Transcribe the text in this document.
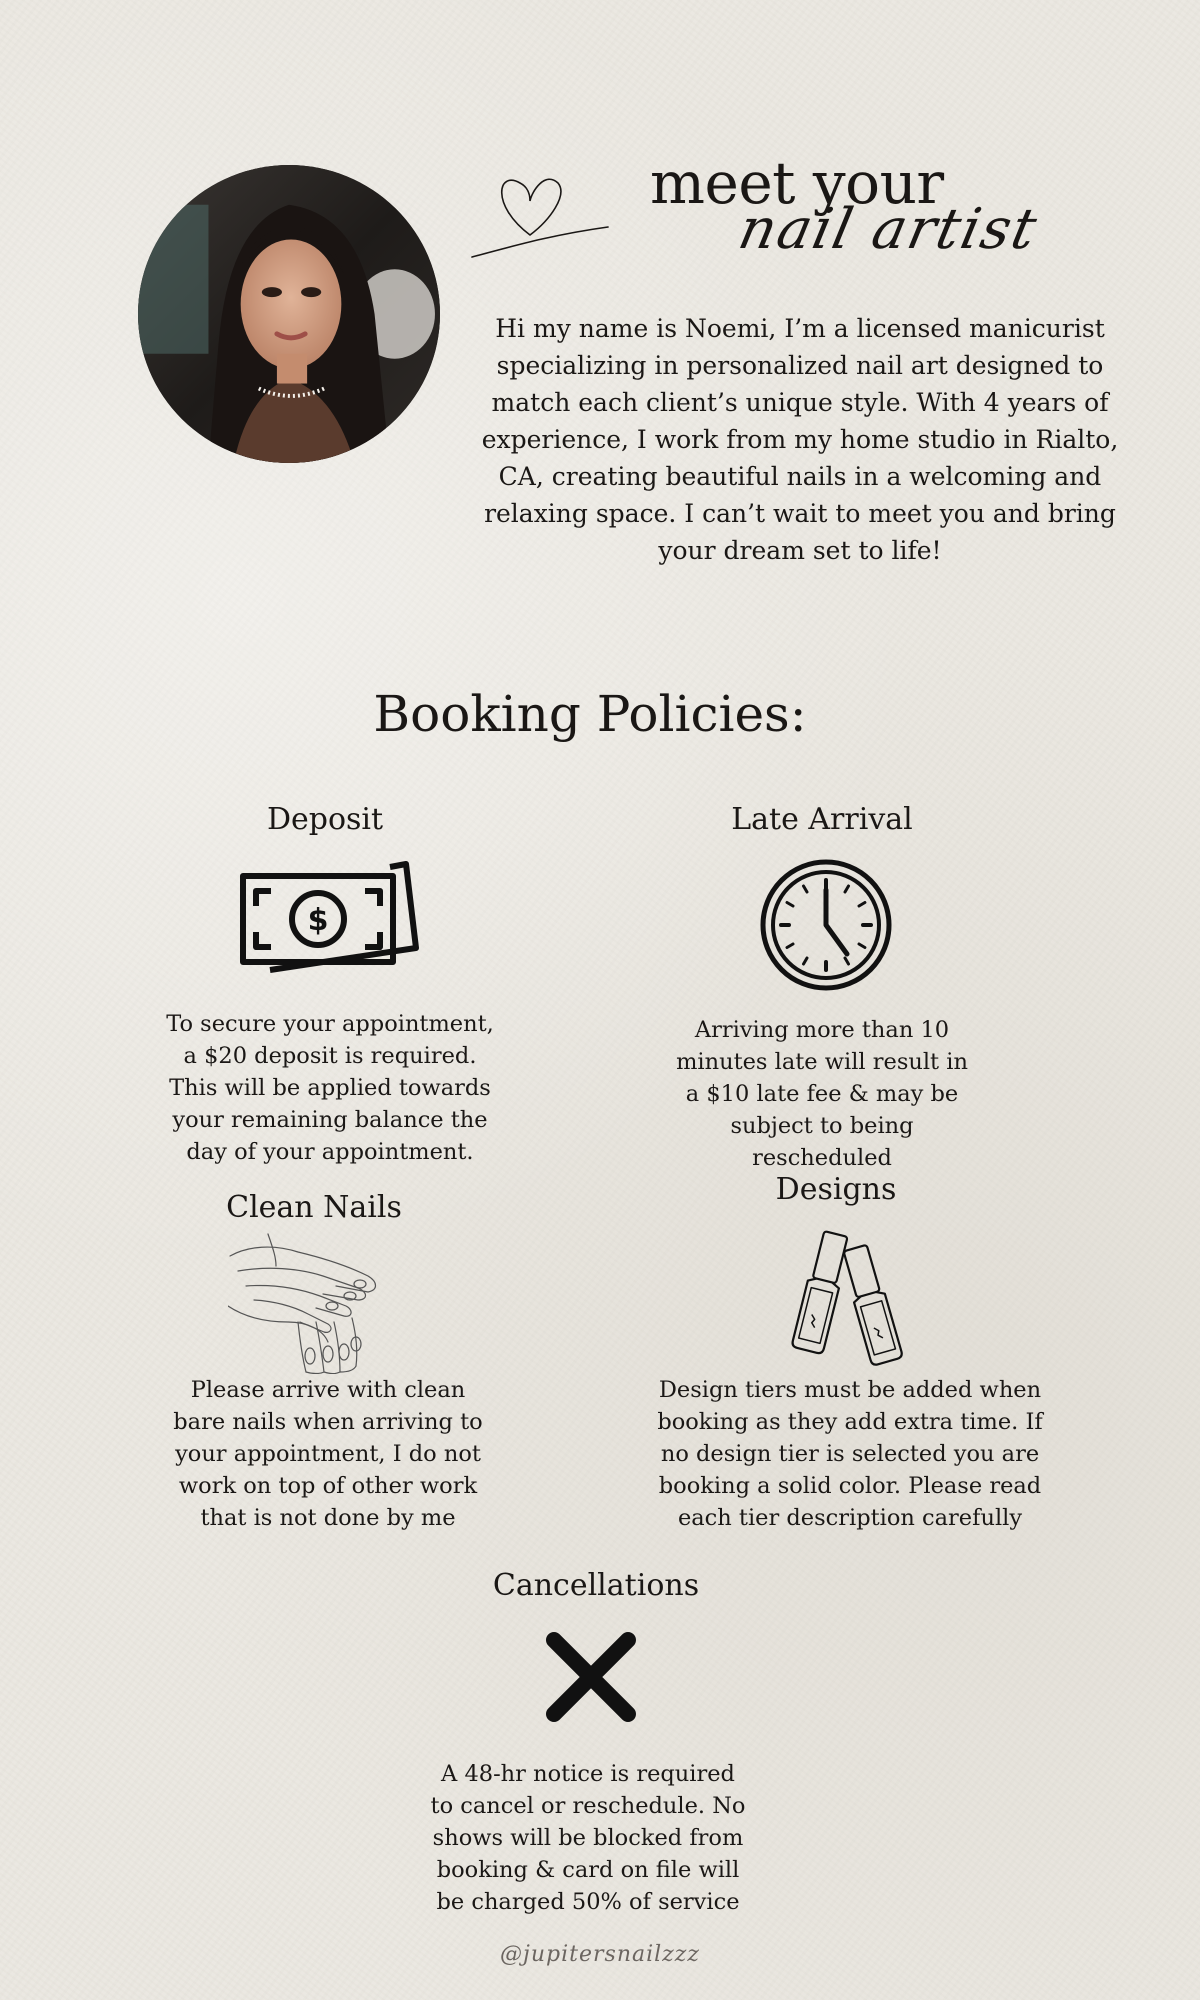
meet your
nail artist
Hi my name is Noemi, I’m a licensed manicurist specializing in personalized nail art designed to match each client’s unique style. With 4 years of experience, I work from my home studio in Rialto, CA, creating beautiful nails in a welcoming and relaxing space. I can’t wait to meet you and bring your dream set to life!
Booking Policies:
Deposit
$
To secure your appointment, a $20 deposit is required. This will be applied towards your remaining balance the day of your appointment.
Late Arrival
Arriving more than 10 minutes late will result in a $10 late fee & may be subject to being rescheduled
Clean Nails
Please arrive with clean bare nails when arriving to your appointment, I do not work on top of other work that is not done by me
Designs
Design tiers must be added when booking as they add extra time. If no design tier is selected you are booking a solid color. Please read each tier description carefully
Cancellations
A 48-hr notice is required to cancel or reschedule. No shows will be blocked from booking & card on file will be charged 50% of service
@jupitersnailzzz
